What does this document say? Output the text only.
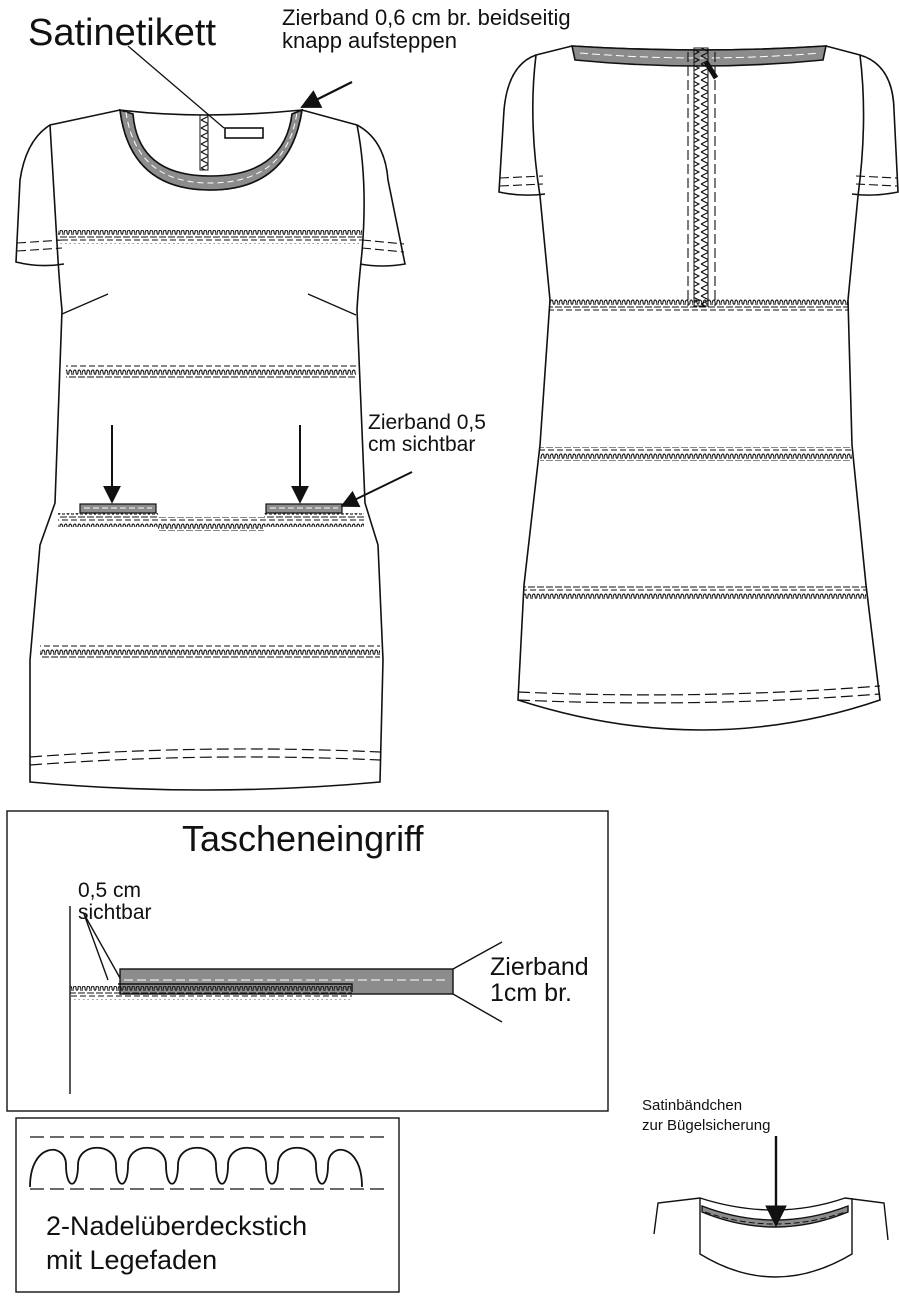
Satinetikett	Zierband 0,6 cm br. beidseitig
knapp aufsteppen
Zierband 0,5
cm sichtbar
Tascheneingriff
0,5 cm
sichtbar
Zierband
1cm br.
2-Nadelüberdeckstich
mit Legefaden
Satinbändchen
zur Bügelsicherung
